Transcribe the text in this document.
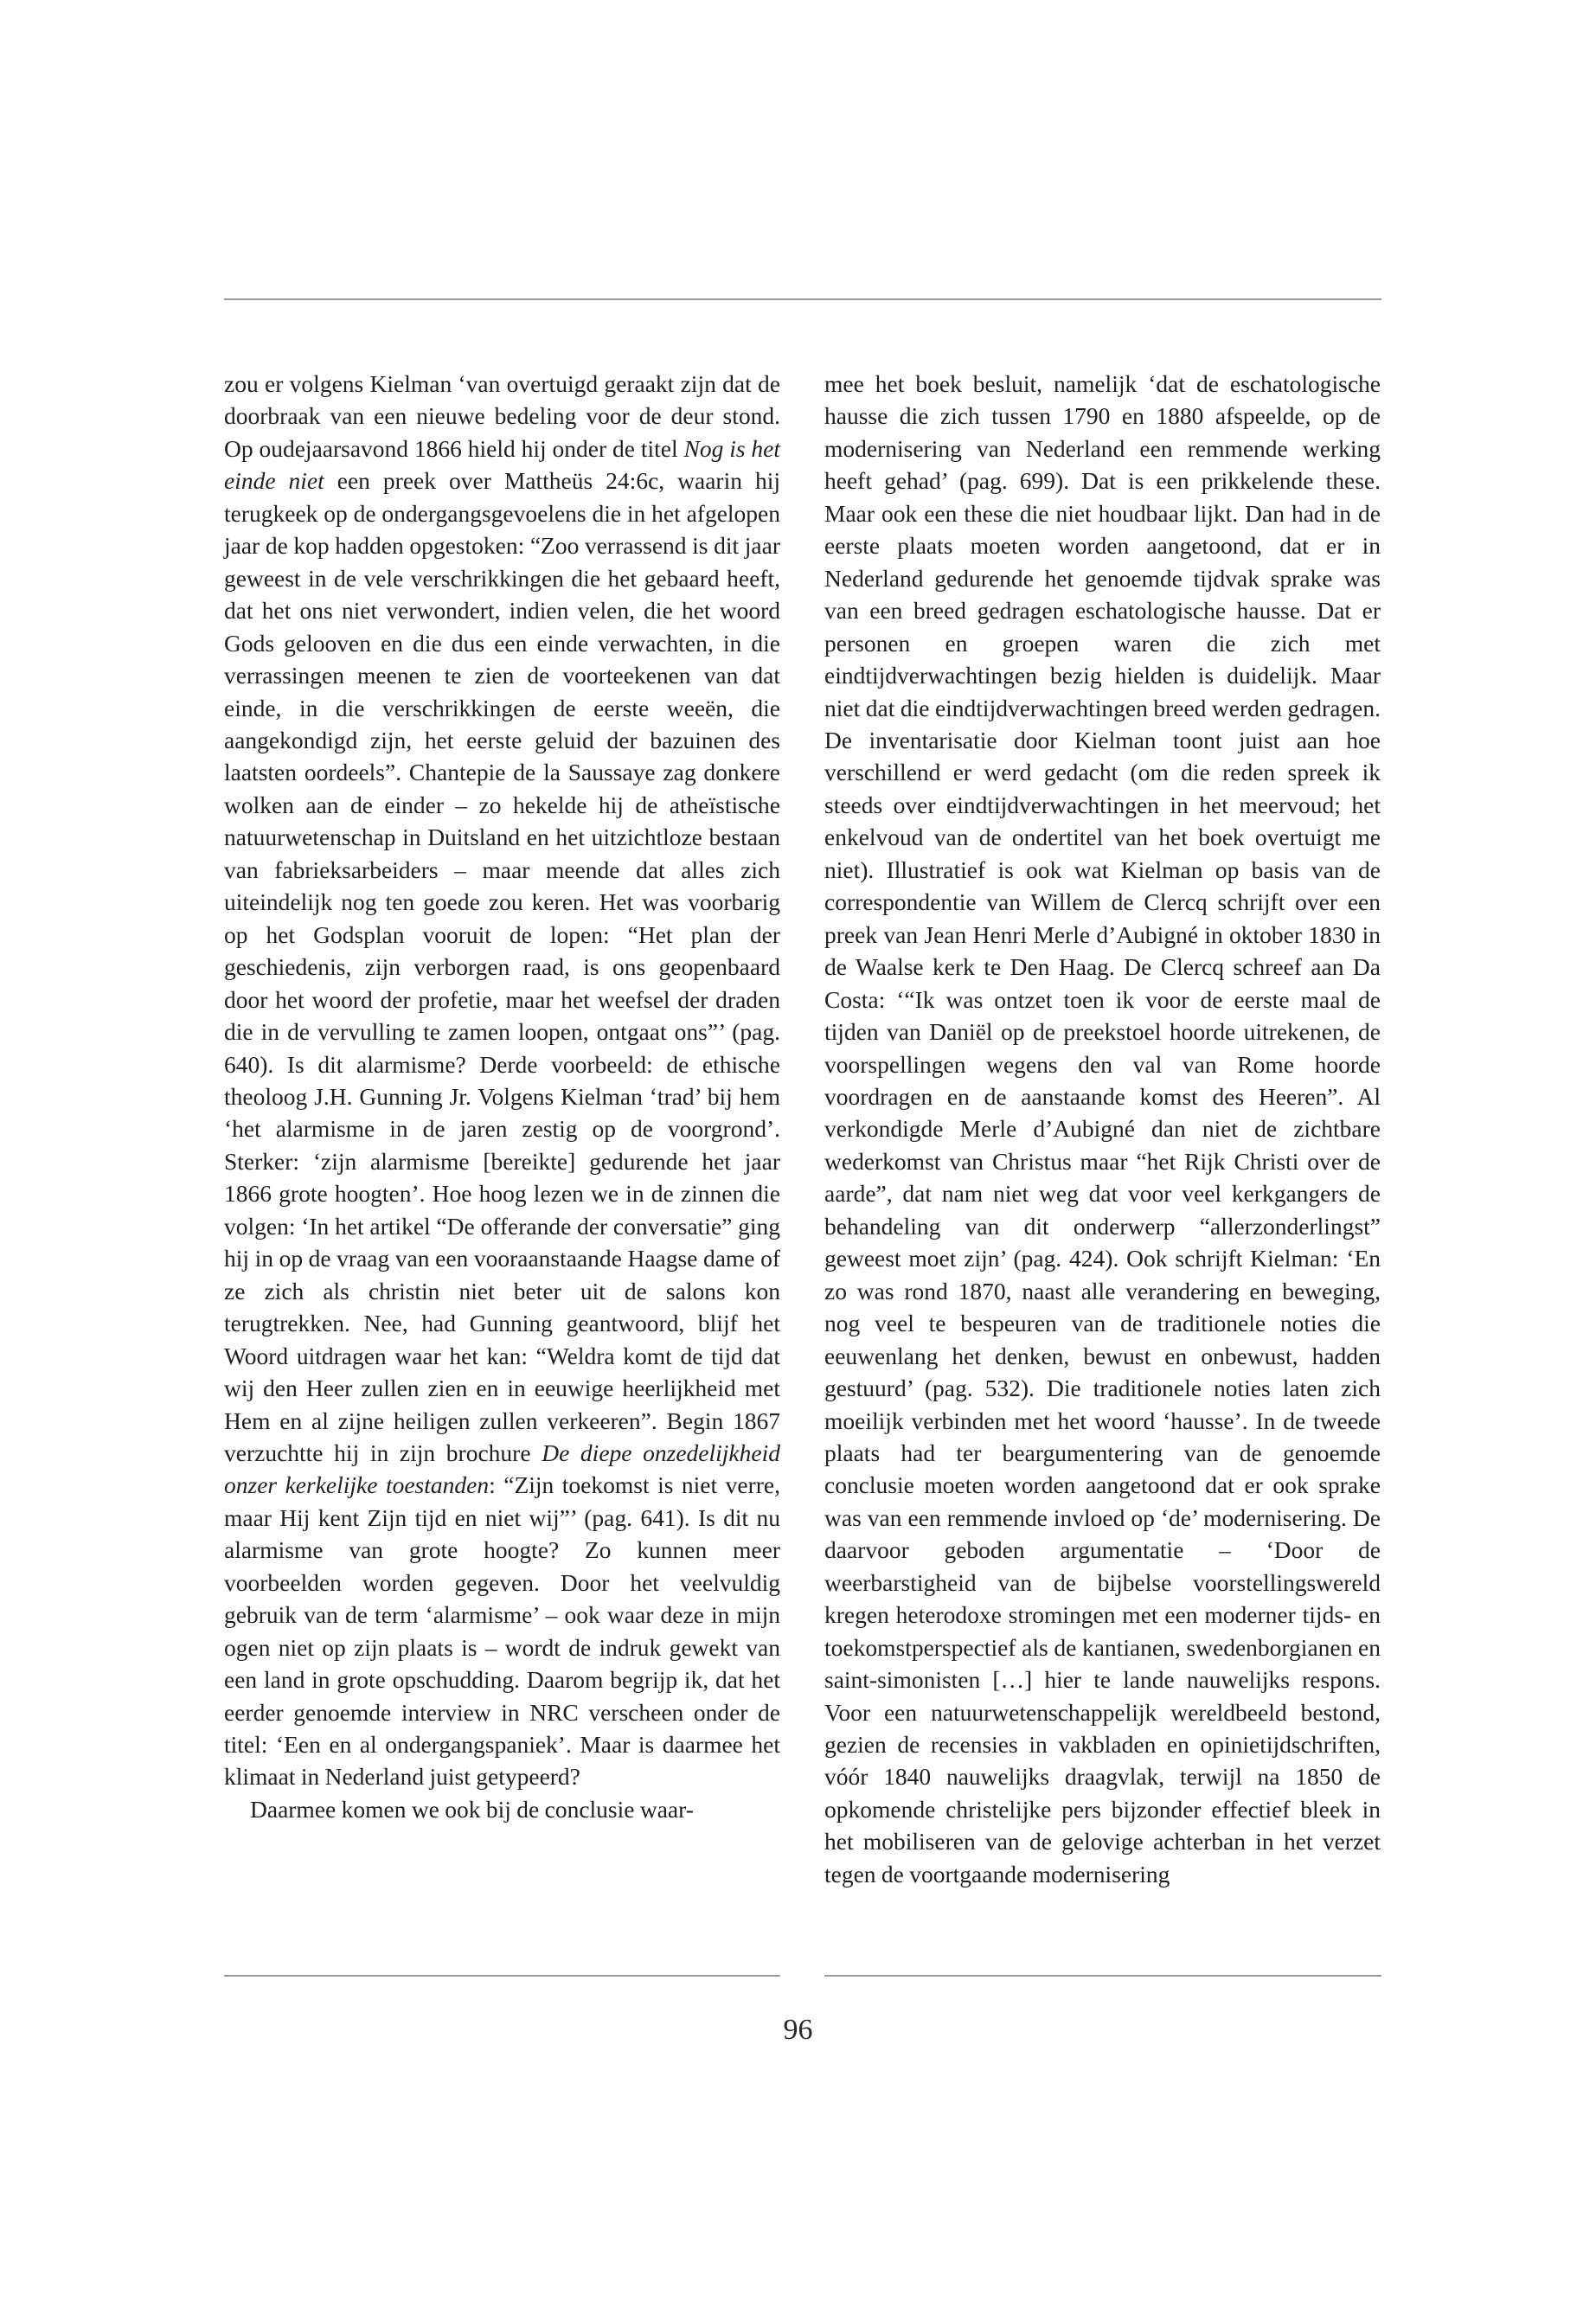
zou er volgens Kielman ‘van overtuigd geraakt zijn dat de doorbraak van een nieuwe bedeling voor de deur stond. Op oudejaarsavond 1866 hield hij onder de titel Nog is het einde niet een preek over Mattheüs 24:6c, waarin hij terugkeek op de ondergangsgevoelens die in het afgelopen jaar de kop hadden opgestoken: “Zoo verrassend is dit jaar geweest in de vele verschrikkingen die het gebaard heeft, dat het ons niet verwondert, indien velen, die het woord Gods gelooven en die dus een einde verwachten, in die verrassingen meenen te zien de voorteekenen van dat einde, in die verschrikkingen de eerste weeën, die aangekondigd zijn, het eerste geluid der bazuinen des laatsten oordeels”. Chantepie de la Saussaye zag donkere wolken aan de einder – zo hekelde hij de atheïstische natuurwetenschap in Duitsland en het uitzichtloze bestaan van fabrieksarbeiders – maar meende dat alles zich uiteindelijk nog ten goede zou keren. Het was voorbarig op het Godsplan vooruit de lopen: “Het plan der geschiedenis, zijn verborgen raad, is ons geopenbaard door het woord der profetie, maar het weefsel der draden die in de vervulling te zamen loopen, ontgaat ons”’ (pag. 640). Is dit alarmisme? Derde voorbeeld: de ethische theoloog J.H. Gunning Jr. Volgens Kielman ‘trad’ bij hem ‘het alarmisme in de jaren zestig op de voorgrond’. Sterker: ‘zijn alarmisme [bereikte] gedurende het jaar 1866 grote hoogten’. Hoe hoog lezen we in de zinnen die volgen: ‘In het artikel “De offerande der conversatie” ging hij in op de vraag van een vooraanstaande Haagse dame of ze zich als christin niet beter uit de salons kon terugtrekken. Nee, had Gunning geantwoord, blijf het Woord uitdragen waar het kan: “Weldra komt de tijd dat wij den Heer zullen zien en in eeuwige heerlijkheid met Hem en al zijne heiligen zullen verkeeren”. Begin 1867 verzuchtte hij in zijn brochure De diepe onzedelijkheid onzer kerkelijke toestanden: “Zijn toekomst is niet verre, maar Hij kent Zijn tijd en niet wij”’ (pag. 641). Is dit nu alarmisme van grote hoogte? Zo kunnen meer voorbeelden worden gegeven. Door het veelvuldig gebruik van de term ‘alarmisme’ – ook waar deze in mijn ogen niet op zijn plaats is – wordt de indruk gewekt van een land in grote opschudding. Daarom begrijp ik, dat het eerder genoemde interview in NRC verscheen onder de titel: ‘Een en al ondergangspaniek’. Maar is daarmee het klimaat in Nederland juist getypeerd?

Daarmee komen we ook bij de conclusie waar-

mee het boek besluit, namelijk ‘dat de eschatologische hausse die zich tussen 1790 en 1880 afspeelde, op de modernisering van Nederland een remmende werking heeft gehad’ (pag. 699). Dat is een prikkelende these. Maar ook een these die niet houdbaar lijkt. Dan had in de eerste plaats moeten worden aangetoond, dat er in Nederland gedurende het genoemde tijdvak sprake was van een breed gedragen eschatologische hausse. Dat er personen en groepen waren die zich met eindtijdverwachtingen bezig hielden is duidelijk. Maar niet dat die eindtijdverwachtingen breed werden gedragen. De inventarisatie door Kielman toont juist aan hoe verschillend er werd gedacht (om die reden spreek ik steeds over eindtijdverwachtingen in het meervoud; het enkelvoud van de ondertitel van het boek overtuigt me niet). Illustratief is ook wat Kielman op basis van de correspondentie van Willem de Clercq schrijft over een preek van Jean Henri Merle d’Aubigné in oktober 1830 in de Waalse kerk te Den Haag. De Clercq schreef aan Da Costa: ‘“Ik was ontzet toen ik voor de eerste maal de tijden van Daniël op de preekstoel hoorde uitrekenen, de voorspellingen wegens den val van Rome hoorde voordragen en de aanstaande komst des Heeren”. Al verkondigde Merle d’Aubigné dan niet de zichtbare wederkomst van Christus maar “het Rijk Christi over de aarde”, dat nam niet weg dat voor veel kerkgangers de behandeling van dit onderwerp “allerzonderlingst” geweest moet zijn’ (pag. 424). Ook schrijft Kielman: ‘En zo was rond 1870, naast alle verandering en beweging, nog veel te bespeuren van de traditionele noties die eeuwenlang het denken, bewust en onbewust, hadden gestuurd’ (pag. 532). Die traditionele noties laten zich moeilijk verbinden met het woord ‘hausse’. In de tweede plaats had ter beargumentering van de genoemde conclusie moeten worden aangetoond dat er ook sprake was van een remmende invloed op ‘de’ modernisering. De daarvoor geboden argumentatie – ‘Door de weerbarstigheid van de bijbelse voorstellingswereld kregen heterodoxe stromingen met een moderner tijds- en toekomstperspectief als de kantianen, swedenborgianen en saint-simonisten […] hier te lande nauwelijks respons. Voor een natuurwetenschappelijk wereldbeeld bestond, gezien de recensies in vakbladen en opinietijdschriften, vóór 1840 nauwelijks draagvlak, terwijl na 1850 de opkomende christelijke pers bijzonder effectief bleek in het mobiliseren van de gelovige achterban in het verzet tegen de voortgaande modernisering

96
